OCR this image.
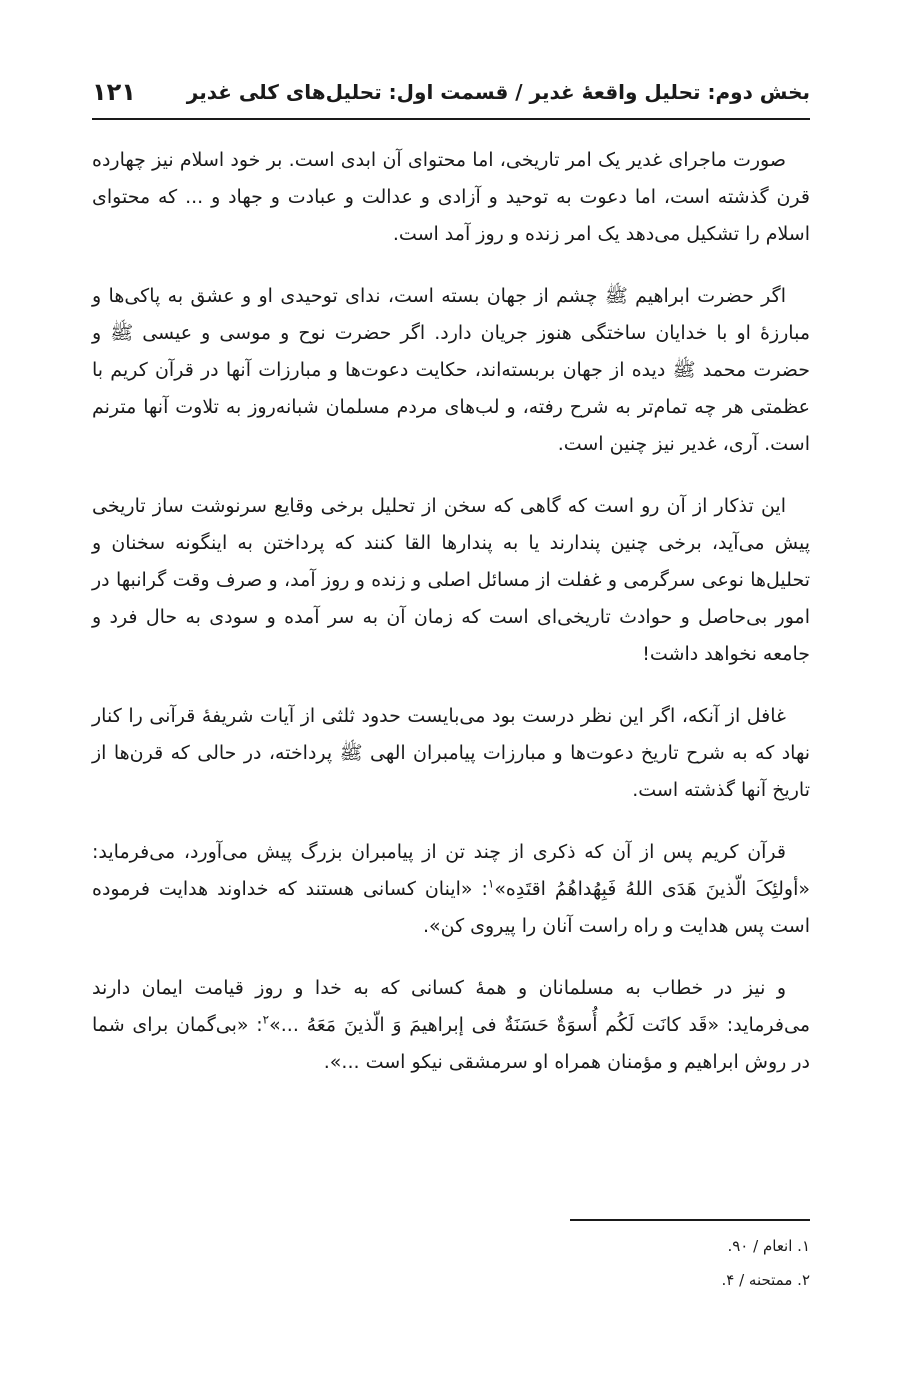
بخش دوم: تحلیل واقعهٔ غدیر / قسمت اول: تحلیل‌های کلی غدیر
۱۲۱

صورت ماجرای غدیر یک امر تاریخی، اما محتوای آن ابدی است. بر خود اسلام نیز چهارده قرن گذشته است، اما دعوت به توحید و آزادی و عدالت و عبادت و جهاد و ... که محتوای اسلام را تشکیل می‌دهد یک امر زنده و روز آمد است.

اگر حضرت ابراهیم ﷺ چشم از جهان بسته است، ندای توحیدی او و عشق به پاکی‌ها و مبارزهٔ او با خدایان ساختگی هنوز جریان دارد. اگر حضرت نوح و موسی و عیسی ﷺ و حضرت محمد ﷺ دیده از جهان بربسته‌اند، حکایت دعوت‌ها و مبارزات آنها در قرآن کریم با عظمتی هر چه تمام‌تر به شرح رفته، و لب‌های مردم مسلمان شبانه‌روز به تلاوت آنها مترنم است. آری، غدیر نیز چنین است.

این تذکار از آن رو است که گاهی که سخن از تحلیل برخی وقایع سرنوشت ساز تاریخی پیش می‌آید، برخی چنین پندارند یا به پندارها القا کنند که پرداختن به اینگونه سخنان و تحلیل‌ها نوعی سرگرمی و غفلت از مسائل اصلی و زنده و روز آمد، و صرف وقت گرانبها در امور بی‌حاصل و حوادث تاریخی‌ای است که زمان آن به سر آمده و سودی به حال فرد و جامعه نخواهد داشت!

غافل از آنکه، اگر این نظر درست بود می‌بایست حدود ثلثی از آیات شریفهٔ قرآنی را کنار نهاد که به شرح تاریخ دعوت‌ها و مبارزات پیامبران الهی ﷺ پرداخته، در حالی که قرن‌ها از تاریخ آنها گذشته است.

قرآن کریم پس از آن که ذکری از چند تن از پیامبران بزرگ پیش می‌آورد، می‌فرماید: «أولئِکَ الّذینَ هَدَی اللهُ فَبِهُداهُمُ اقتَدِه»$^۱$: «اینان کسانی هستند که خداوند هدایت فرموده است پس هدایت و راه راست آنان را پیروی کن».

و نیز در خطاب به مسلمانان و همهٔ کسانی که به خدا و روز قیامت ایمان دارند می‌فرماید: «قَد کانَت لَکُم أُسوَةٌ حَسَنَةٌ فی إبراهیمَ وَ الّذینَ مَعَهُ ...»$^۲$: «بی‌گمان برای شما در روش ابراهیم و مؤمنان همراه او سرمشقی نیکو است ...».

۱. انعام / ۹۰.

۲. ممتحنه / ۴.
